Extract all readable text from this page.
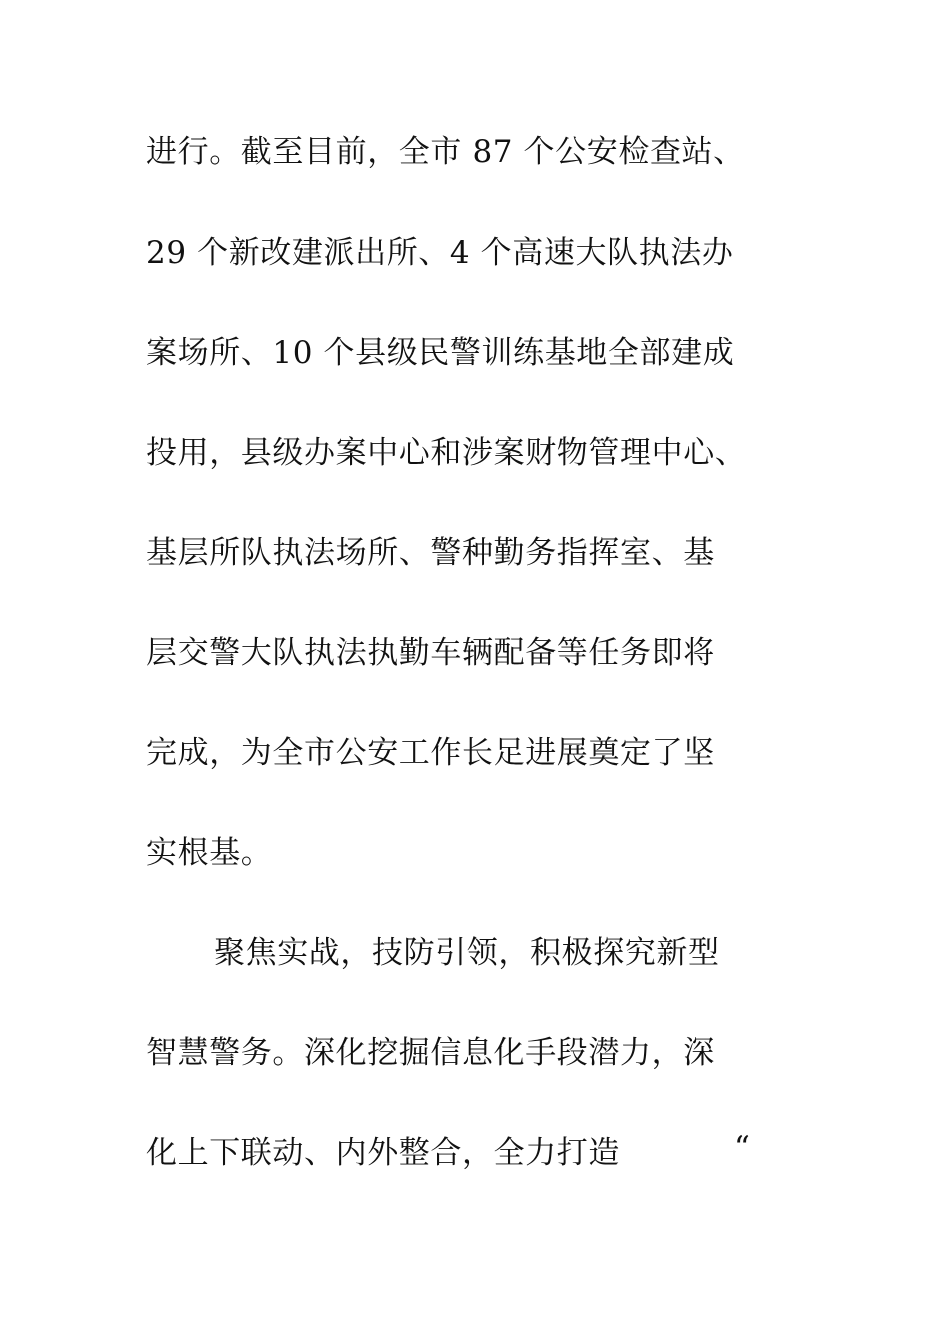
进行。截至目前，全市 87 个公安检查站、
29 个新改建派出所、4 个高速大队执法办
案场所、10 个县级民警训练基地全部建成
投用，县级办案中心和涉案财物管理中心、
基层所队执法场所、警种勤务指挥室、基
层交警大队执法执勤车辆配备等任务即将
完成，为全市公安工作长足进展奠定了坚
实根基。
聚焦实战，技防引领，积极探究新型
智慧警务。深化挖掘信息化手段潜力，深
化上下联动、内外整合，全力打造	“
